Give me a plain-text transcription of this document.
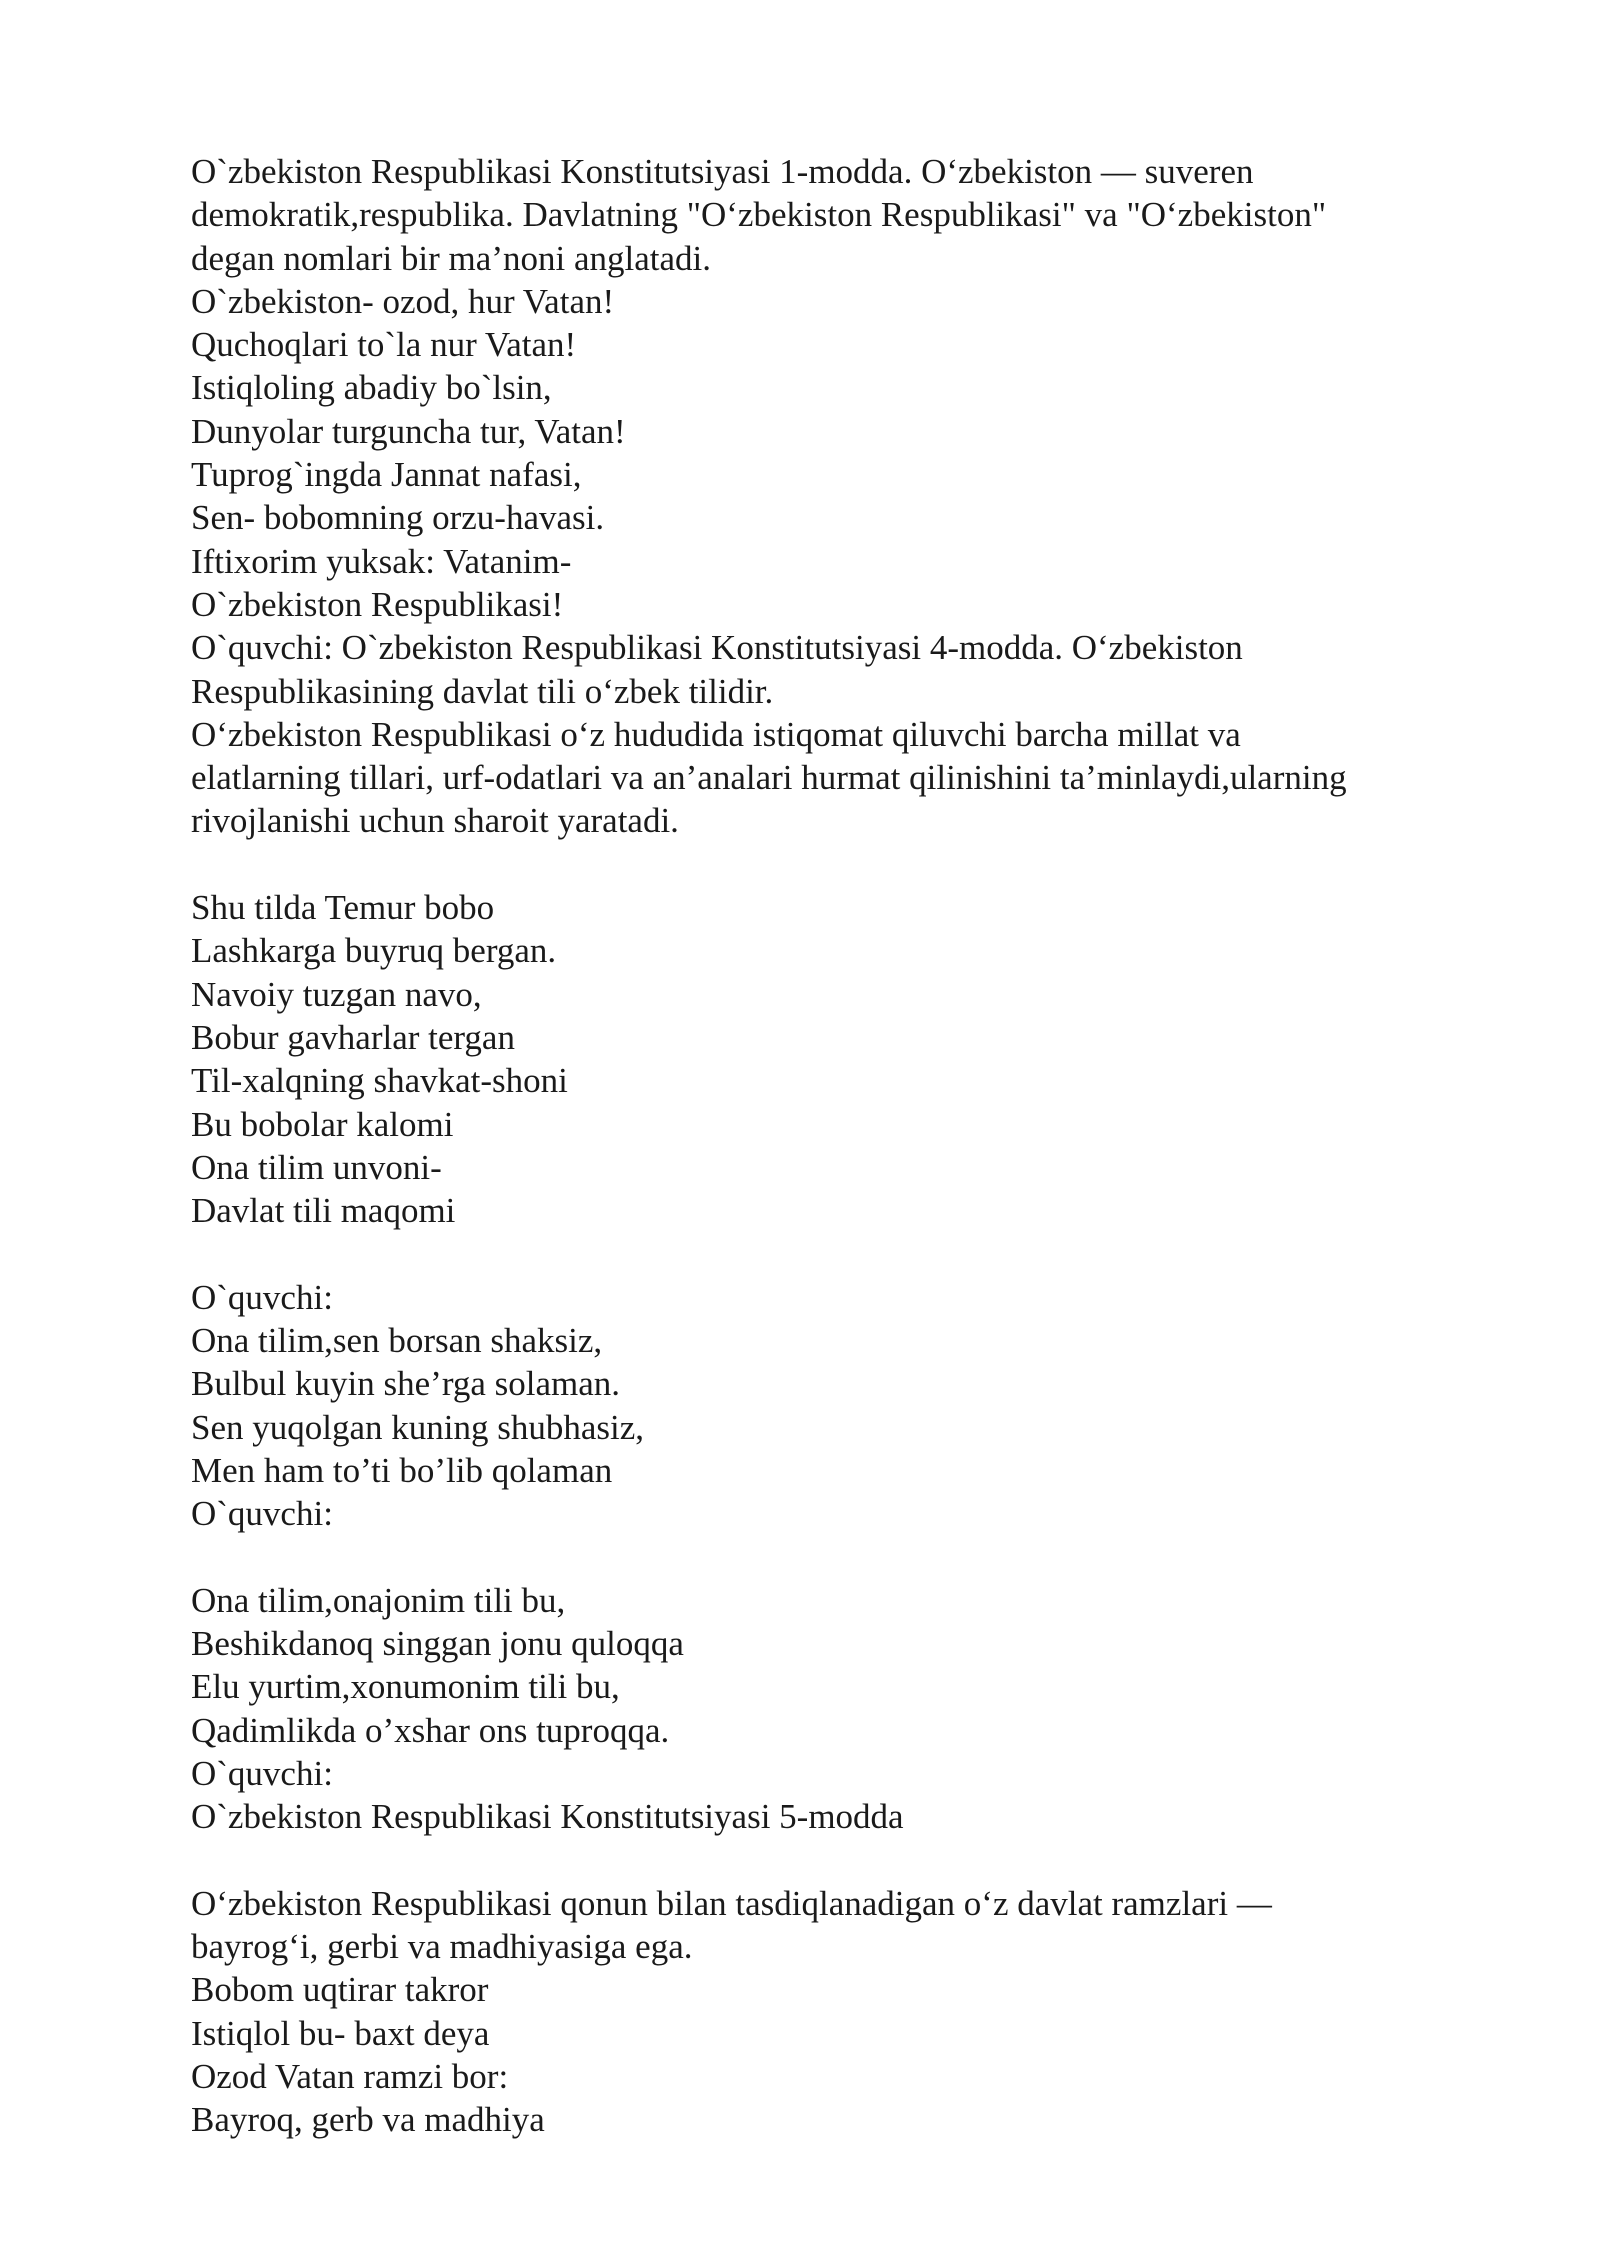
O`zbekiston Respublikasi Konstitutsiyasi 1-modda. O‘zbekiston — suveren
demokratik,respublika. Davlatning "O‘zbekiston Respublikasi" va "O‘zbekiston"
degan nomlari bir ma’noni anglatadi.
O`zbekiston- ozod, hur Vatan!
Quchoqlari to`la nur Vatan!
Istiqloling abadiy bo`lsin,
Dunyolar turguncha tur, Vatan!
Tuprog`ingda Jannat nafasi,
Sen- bobomning orzu-havasi.
Iftixorim yuksak: Vatanim-
O`zbekiston Respublikasi!
O`quvchi: O`zbekiston Respublikasi Konstitutsiyasi 4-modda. O‘zbekiston
Respublikasining davlat tili o‘zbek tilidir.
O‘zbekiston Respublikasi o‘z hududida istiqomat qiluvchi barcha millat va
elatlarning tillari, urf-odatlari va an’analari hurmat qilinishini ta’minlaydi,ularning
rivojlanishi uchun sharoit yaratadi.
Shu tilda Temur bobo
Lashkarga buyruq bergan.
Navoiy tuzgan navo,
Bobur gavharlar tergan
Til-xalqning shavkat-shoni
Bu bobolar kalomi
Ona tilim unvoni-
Davlat tili maqomi
O`quvchi:
Ona tilim,sen borsan shaksiz,
Bulbul kuyin she’rga solaman.
Sen yuqolgan kuning shubhasiz,
Men ham to’ti bo’lib qolaman
O`quvchi:
Ona tilim,onajonim tili bu,
Beshikdanoq singgan jonu quloqqa
Elu yurtim,xonumonim tili bu,
Qadimlikda o’xshar ons tuproqqa.
O`quvchi:
O`zbekiston Respublikasi Konstitutsiyasi 5-modda
O‘zbekiston Respublikasi qonun bilan tasdiqlanadigan o‘z davlat ramzlari —
bayrog‘i, gerbi va madhiyasiga ega.
Bobom uqtirar takror
Istiqlol bu- baxt deya
Ozod Vatan ramzi bor:
Bayroq, gerb va madhiya
